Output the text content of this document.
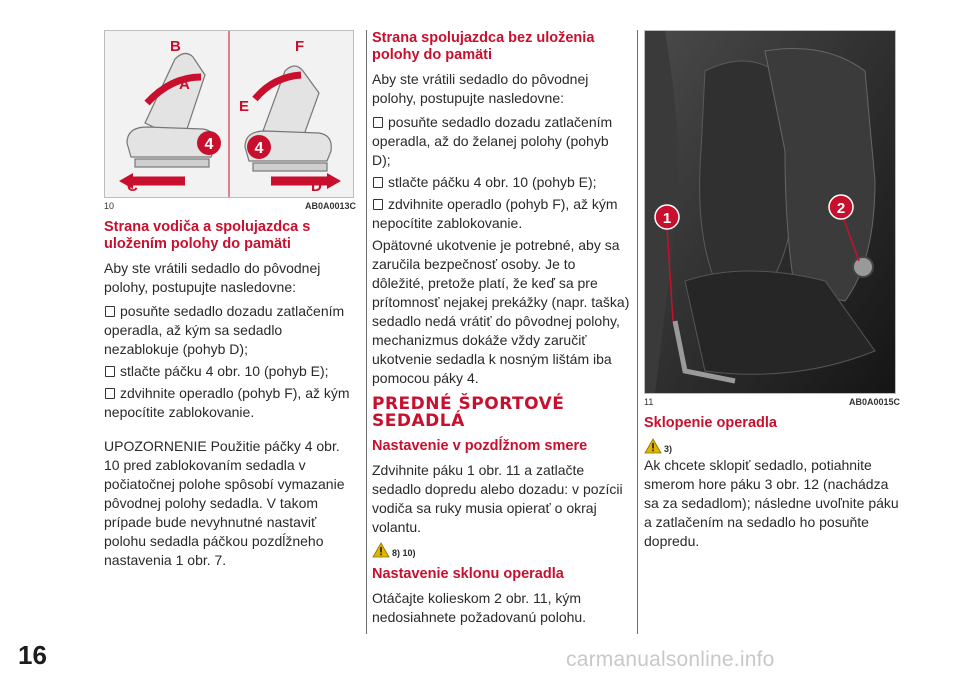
16
4
B
A
C
4
F
E
D
10	AB0A0013C
Strana vodiča a spolujazdca s uložením polohy do pamäti

Aby ste vrátili sedadlo do pôvodnej polohy, postupujte nasledovne:

posuňte sedadlo dozadu zatlačením operadla, až kým sa sedadlo nezablokuje (pohyb D);
stlačte páčku 4 obr. 10 (pohyb E);
zdvihnite operadlo (pohyb F), až kým nepocítite zablokovanie.

UPOZORNENIE Použitie páčky 4 obr. 10 pred zablokovaním sedadla v počiatočnej polohe spôsobí vymazanie pôvodnej polohy sedadla. V takom prípade bude nevyhnutné nastaviť polohu sedadla páčkou pozdĺžneho nastavenia 1 obr. 7.

Strana spolujazdca bez uloženia polohy do pamäti

Aby ste vrátili sedadlo do pôvodnej polohy, postupujte nasledovne:

posuňte sedadlo dozadu zatlačením operadla, až do želanej polohy (pohyb D);
stlačte páčku 4 obr. 10 (pohyb E);
zdvihnite operadlo (pohyb F), až kým nepocítite zablokovanie.

Opätovné ukotvenie je potrebné, aby sa zaručila bezpečnosť osoby. Je to dôležité, pretože platí, že keď sa pre prítomnosť nejakej prekážky (napr. taška) sedadlo nedá vrátiť do pôvodnej polohy, mechanizmus dokáže vždy zaručiť ukotvenie sedadla k nosným lištám iba pomocou páky 4.

PREDNÉ ŠPORTOVÉ SEDADLÁ
Nastavenie v pozdĺžnom smere

Zdvihnite páku 1 obr. 11 a zatlačte sedadlo dopredu alebo dozadu: v pozícii vodiča sa ruky musia opierať o okraj volantu.

8) 10)
Nastavenie sklonu operadla

Otáčajte kolieskom 2 obr. 11, kým nedosiahnete požadovanú polohu.

1
2
11	AB0A0015C
Sklopenie operadla
3)

Ak chcete sklopiť sedadlo, potiahnite smerom hore páku 3 obr. 12 (nachádza sa za sedadlom); následne uvoľnite páku a zatlačením na sedadlo ho posuňte dopredu.

carmanualsonline.info
